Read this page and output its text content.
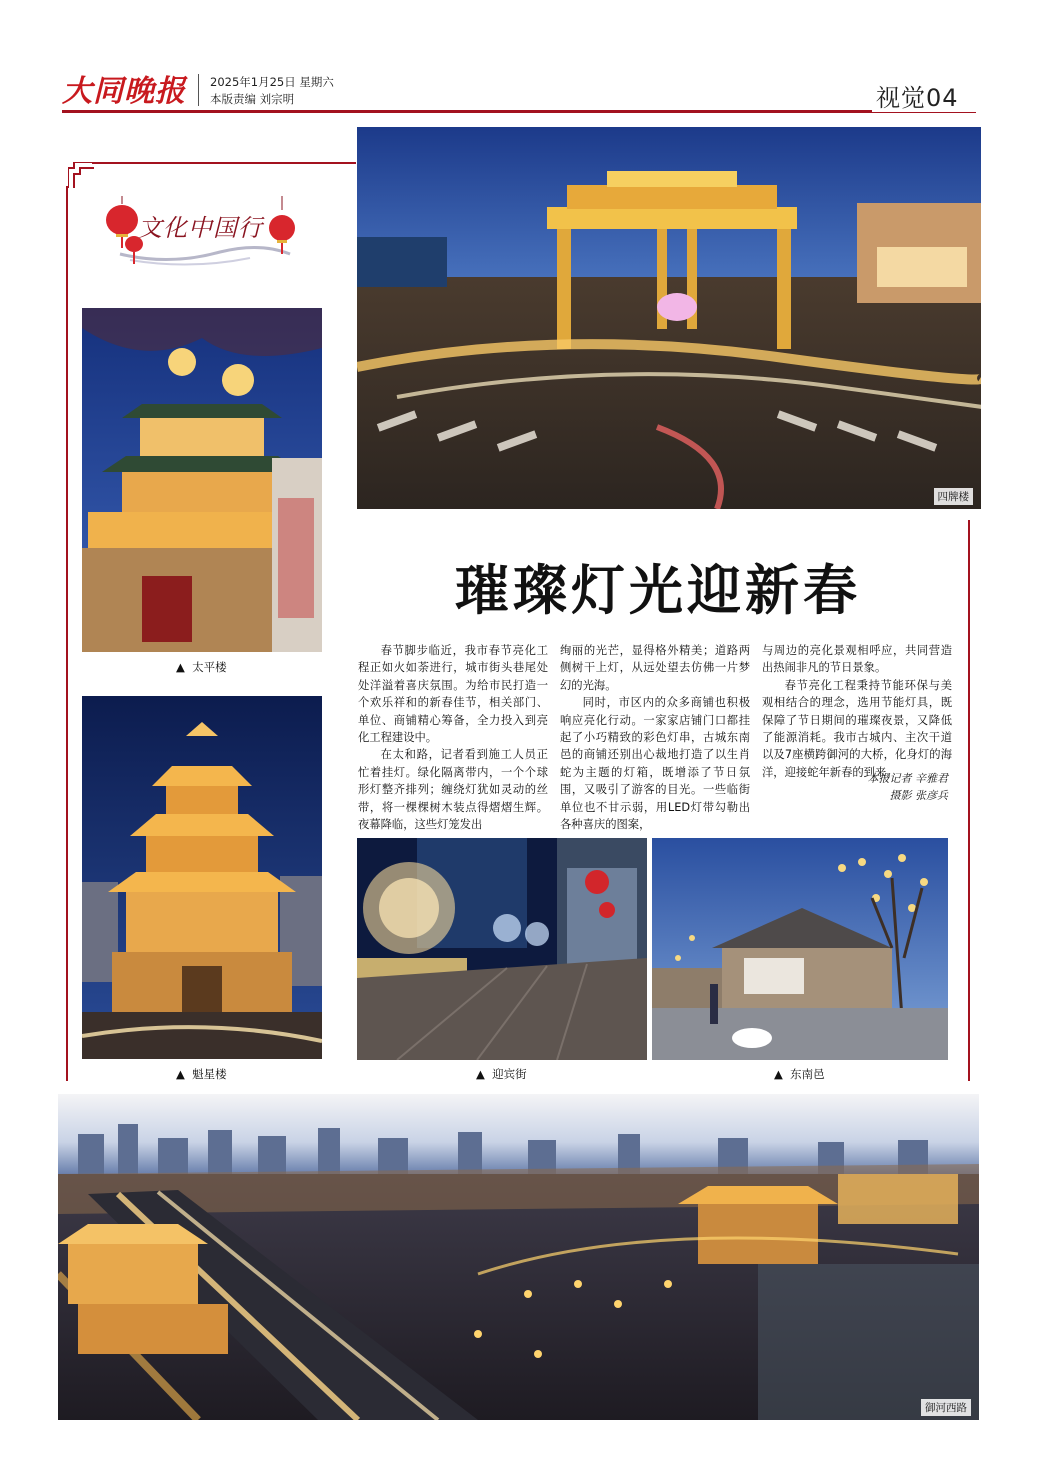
大同晚报	2025年1月25日 星期六
本版责编 刘宗明	视觉04
文化中国行
四牌楼
▲  太平楼
▲  魁星楼
璀璨灯光迎新春

春节脚步临近，我市春节亮化工程正如火如荼进行，城市街头巷尾处处洋溢着喜庆氛围。为给市民打造一个欢乐祥和的新春佳节，相关部门、单位、商铺精心筹备，全力投入到亮化工程建设中。

在太和路，记者看到施工人员正忙着挂灯。绿化隔离带内，一个个球形灯整齐排列；缠绕灯犹如灵动的丝带，将一棵棵树木装点得熠熠生辉。夜幕降临，这些灯笼发出

绚丽的光芒，显得格外精美；道路两侧树干上灯，从远处望去仿佛一片梦幻的光海。

同时，市区内的众多商铺也积极响应亮化行动。一家家店铺门口都挂起了小巧精致的彩色灯串，古城东南邑的商铺还别出心裁地打造了以生肖蛇为主题的灯箱，既增添了节日氛围，又吸引了游客的目光。一些临街单位也不甘示弱，用LED灯带勾勒出各种喜庆的图案，

与周边的亮化景观相呼应，共同营造出热闹非凡的节日景象。

春节亮化工程秉持节能环保与美观相结合的理念，选用节能灯具，既保障了节日期间的璀璨夜景，又降低了能源消耗。我市古城内、主次干道以及7座横跨御河的大桥，化身灯的海洋，迎接蛇年新春的到来。

本报记者 辛雅君
摄影 张彦兵
▲  迎宾街	▲  东南邑
御河西路
